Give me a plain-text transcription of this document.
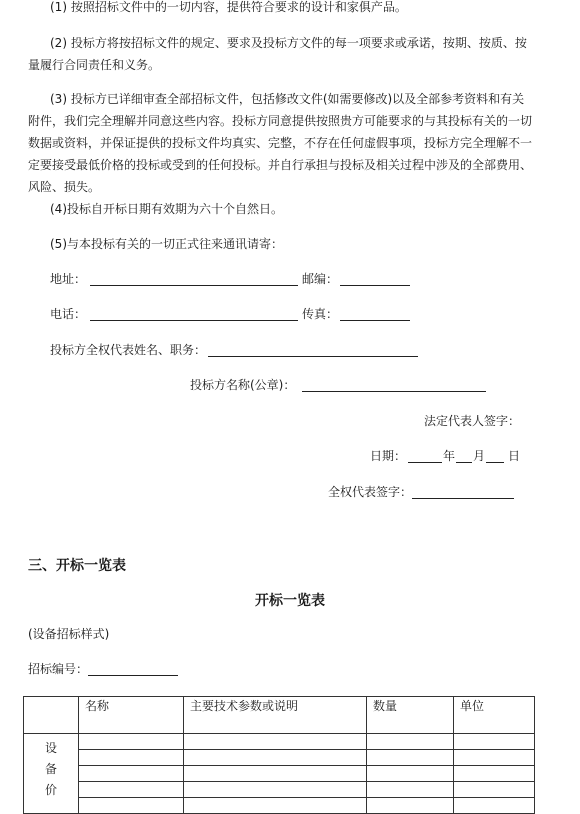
(1) 按照招标文件中的一切内容，提供符合要求的设计和家俱产品。
(2) 投标方将按招标文件的规定、要求及投标方文件的每一项要求或承诺，按期、按质、按量履行合同责任和义务。
(3) 投标方已详细审查全部招标文件，包括修改文件(如需要修改)以及全部参考资料和有关附件，我们完全理解并同意这些内容。投标方同意提供按照贵方可能要求的与其投标有关的一切数据或资料，并保证提供的投标文件均真实、完整，不存在任何虚假事项，投标方完全理解不一定要接受最低价格的投标或受到的任何投标。并自行承担与投标及相关过程中涉及的全部费用、风险、损失。
(4)投标自开标日期有效期为六十个自然日。
(5)与本投标有关的一切正式往来通讯请寄：
地址：	邮编：
电话：	传真：
投标方全权代表姓名、职务：
投标方名称(公章)：
法定代表人签字：
日期：	年 月 日
全权代表签字：
三、开标一览表
开标一览表
(设备招标样式)
招标编号：
	名称	主要技术参数或说明	数量	单位

设
备
价				
